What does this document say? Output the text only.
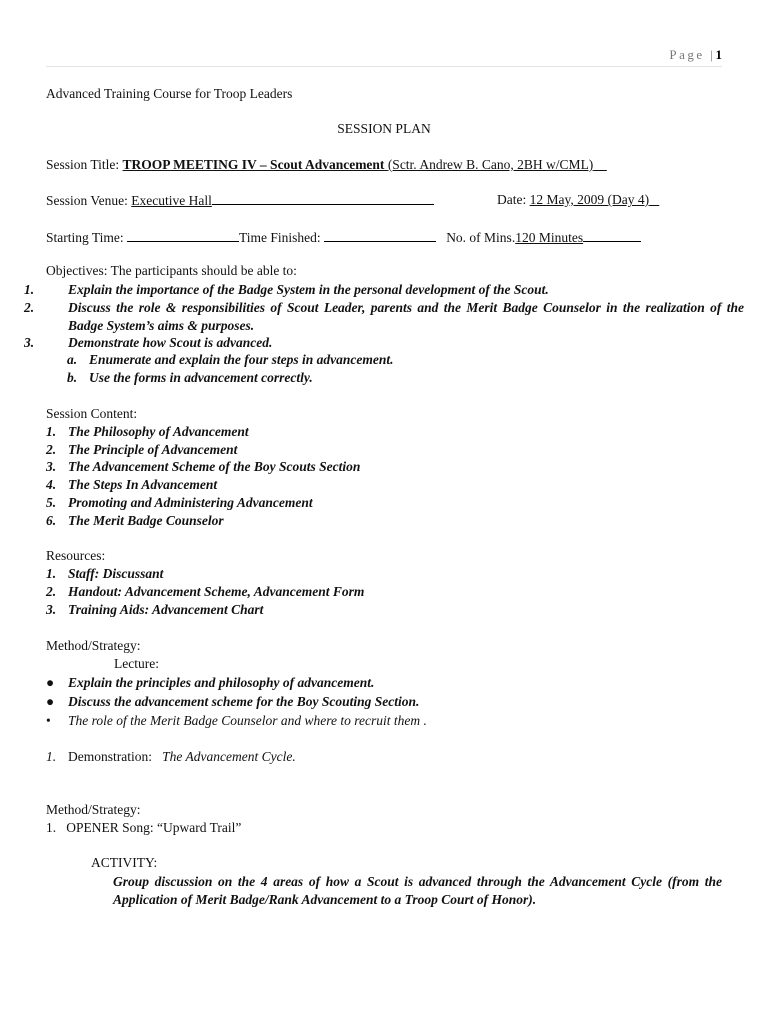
Page |1
Advanced Training Course for Troop Leaders
SESSION PLAN
Session Title: TROOP MEETING IV – Scout Advancement (Sctr. Andrew B. Cano, 2BH w/CML)
Session Venue: Executive Hall	Date: 12 May, 2009 (Day 4)
Starting Time:	Time Finished:	No. of Mins.120 Minutes
Objectives: The participants should be able to:
1.	Explain the importance of the Badge System in the personal development of the Scout.
2.	Discuss the role & responsibilities of Scout Leader, parents and the Merit Badge Counselor in the realization of the Badge System’s aims & purposes.
3.	Demonstrate how Scout is advanced.
a. Enumerate and explain the four steps in advancement.
b. Use the forms in advancement correctly.
Session Content:
1. The Philosophy of Advancement
2. The Principle of Advancement
3. The Advancement Scheme of the Boy Scouts Section
4. The Steps In Advancement
5. Promoting and Administering Advancement
6. The Merit Badge Counselor
Resources:
1. Staff: Discussant
2. Handout: Advancement Scheme, Advancement Form
3. Training Aids: Advancement Chart
Method/Strategy:
Lecture:
● Explain the principles and philosophy of advancement.
● Discuss the advancement scheme for the Boy Scouting Section.
• The role of the Merit Badge Counselor and where to recruit them .
1. Demonstration: The Advancement Cycle.
Method/Strategy:
1.   OPENER Song: “Upward Trail”
ACTIVITY:
Group discussion on the 4 areas of how a Scout is advanced through the Advancement Cycle (from the Application of Merit Badge/Rank Advancement to a Troop Court of Honor).
